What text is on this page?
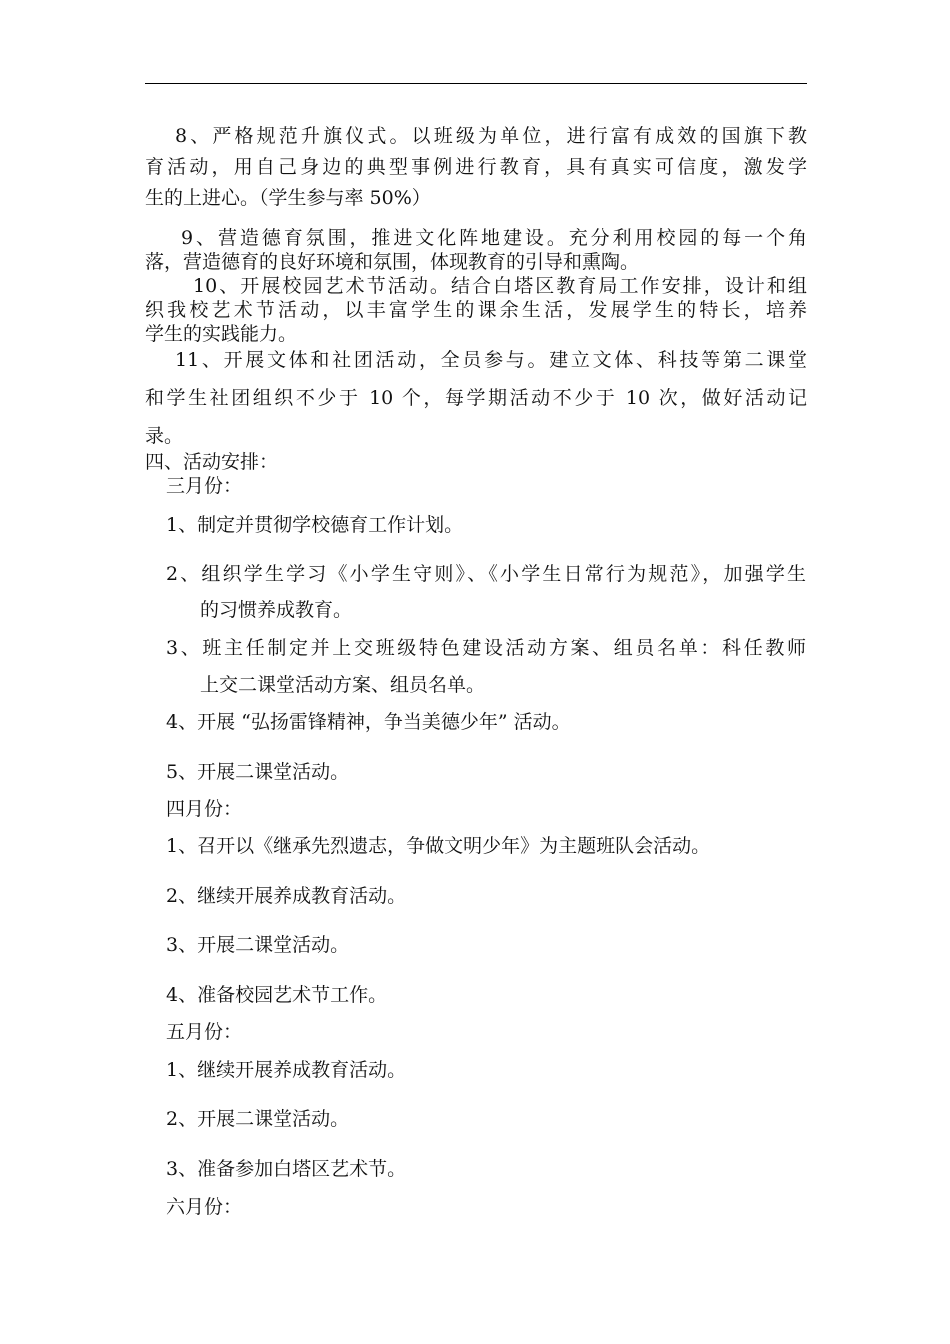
8、严格规范升旗仪式。以班级为单位，进行富有成效的国旗下教
育活动，用自己身边的典型事例进行教育，具有真实可信度，激发学
生的上进心。（学生参与率 50%）
9、营造德育氛围，推进文化阵地建设。充分利用校园的每一个角
落，营造德育的良好环境和氛围，体现教育的引导和熏陶。
10、开展校园艺术节活动。结合白塔区教育局工作安排，设计和组
织我校艺术节活动，以丰富学生的课余生活，发展学生的特长，培养
学生的实践能力。
11、开展文体和社团活动，全员参与。建立文体、科技等第二课堂
和学生社团组织不少于 10 个，每学期活动不少于 10 次，做好活动记
录。
四、活动安排：
三月份：
1、制定并贯彻学校德育工作计划。
2、组织学生学习《小学生守则》、《小学生日常行为规范》，加强学生
的习惯养成教育。
3、班主任制定并上交班级特色建设活动方案、组员名单：科任教师
上交二课堂活动方案、组员名单。
4、开展 “弘扬雷锋精神，争当美德少年” 活动。
5、开展二课堂活动。
四月份：
1、召开以《继承先烈遗志，争做文明少年》为主题班队会活动。
2、继续开展养成教育活动。
3、开展二课堂活动。
4、准备校园艺术节工作。
五月份：
1、继续开展养成教育活动。
2、开展二课堂活动。
3、准备参加白塔区艺术节。
六月份：
